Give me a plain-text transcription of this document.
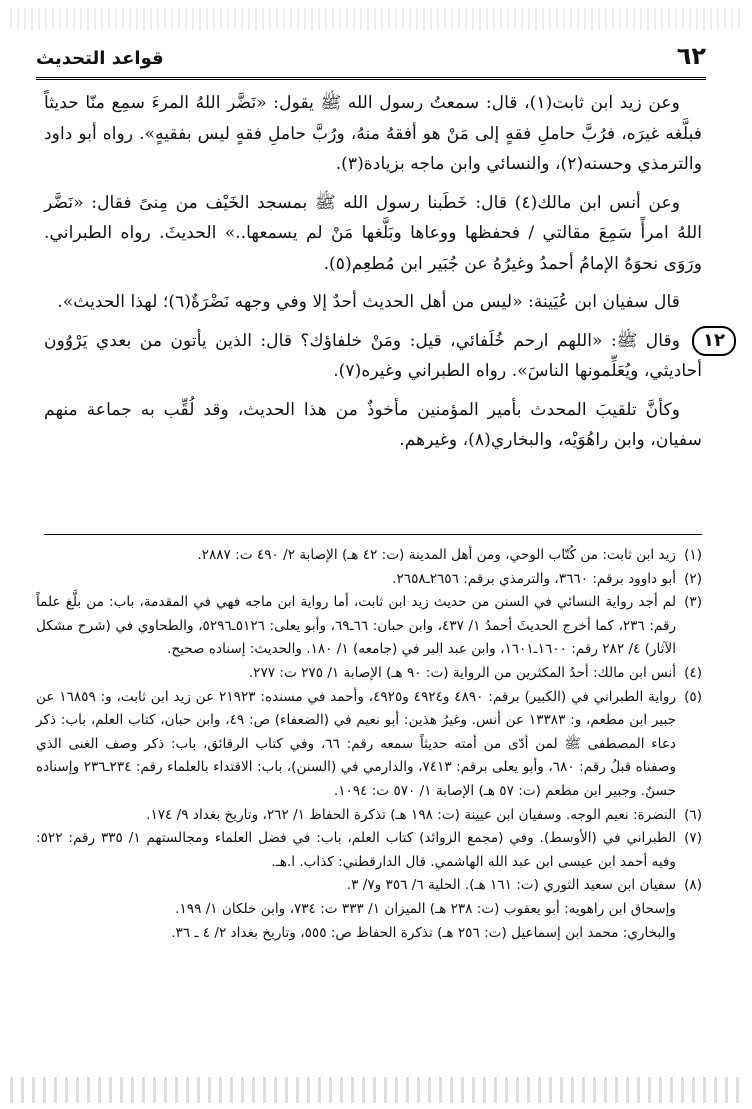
٦٢
قواعد التحديث
١٢

وعن زيد ابن ثابت(١)، قال: سمعتُ رسول الله ﷺ يقول: «نَضَّر اللهُ المرءَ سمِع منّا حديثاً فبلَّغه غيرَه، فرُبَّ حاملِ فقهٍ إلى مَنْ هو أفقهُ منهُ، ورُبَّ حاملِ فقهٍ ليس بفقيهٍ». رواه أبو داود والترمذي وحسنه(٢)، والنسائي وابن ماجه بزيادة(٣).

وعن أنس ابن مالك(٤) قال: خَطَبنا رسول الله ﷺ بمسجد الخَيْف من مِنىً فقال: «نَضَّر اللهُ امرأً سَمِعَ مقالتي / فحفظها ووعاها وبَلَّغها مَنْ لم يسمعها..» الحديثَ. رواه الطبراني. ورَوَى نحوَهُ الإمامُ أحمدُ وغيرُهُ عن جُبَير ابن مُطعِم(٥).

قال سفيان ابن عُيَينة: «ليس من أهل الحديث أحدٌ إلا وفي وجهه نَضْرَةٌ(٦)؛ لهذا الحديث».

وقال ﷺ: «اللهم ارحم خُلَفائي، قيل: ومَنْ خلفاؤك؟ قال: الذين يأتون من بعدي يَرْوُون أحاديثي، ويُعَلِّمونها الناسَ». رواه الطبراني وغيره(٧).

وكأنَّ تلقيبَ المحدث بأمير المؤمنين مأخوذٌ من هذا الحديث، وقد لُقِّب به جماعة منهم سفيان، وابن راهُوَيْه، والبخاري(٨)، وغيرهم.

(١)
زيد ابن ثابت: من كُتّاب الوحي، ومن أهل المدينة (ت: ٤٢ هـ) الإصابة ٢/ ٤٩٠ ت: ٢٨٨٧.
(٢)
أبو داوود برقم: ٣٦٦٠، والترمذي برقم: ٢٦٥٦ـ٢٦٥٨.
(٣)
لم أجد رواية النسائي في السنن من حديث زيد ابن ثابت، أما رواية ابن ماجه فهي في المقدمة، باب: من بلَّغ علماً رقم: ٢٣٦، كما أخرج الحديثَ أحمدُ ١/ ٤٣٧، وابن حبان: ٦٦ـ٦٩، وأبو يعلى: ٥١٢٦ـ٥٢٩٦، والطحاوي في (شرح مشكل الآثار) ٤/ ٢٨٢ رقم: ١٦٠٠ـ١٦٠١، وابن عبد البر في (جامعه) ١/ ١٨٠. والحديث: إسناده صحيح.
(٤)
أنس ابن مالك: أحدُ المكثرين من الرواية (ت: ٩٠ هـ) الإصابة ١/ ٢٧٥ ت: ٢٧٧.
(٥)
رواية الطبراني في (الكبير) برقم: ٤٨٩٠ و٤٩٢٤ و٤٩٢٥، وأحمد في مسنده: ٢١٩٢٣ عن زيد ابن ثابت، و: ١٦٨٥٩ عن جبير ابن مطعم، و: ١٣٣٨٣ عن أنس. وغيرُ هذين: أبو نعيم في (الضعفاء) ص: ٤٩، وابن حبان، كتاب العلم، باب: ذكر دعاء المصطفى ﷺ لمن أدّى من أمته حديثاً سمعه رقم: ٦٦، وفي كتاب الرقائق، باب: ذكر وصف الغنى الذي وصفناه قبلُ رقم: ٦٨٠، وأبو يعلى برقم: ٧٤١٣، والدارمي في (السنن)، باب: الاقتداء بالعلماء رقم: ٢٣٤ـ٢٣٦ وإسناده حسنٌ. وجبير ابن مطعم (ت: ٥٧ هـ) الإصابة ١/ ٥٧٠ ت: ١٠٩٤.
(٦)
النضرة: نعيم الوجه. وسفيان ابن عيينة (ت: ١٩٨ هـ) تذكرة الحفاظ ١/ ٢٦٢، وتاريخ بغداد ٩/ ١٧٤.
(٧)
الطبراني في (الأوسط). وفي (مجمع الزوائد) كتاب العلم، باب: في فضل العلماء ومجالستهم ١/ ٣٣٥ رقم: ٥٢٢: وفيه أحمد ابن عيسى ابن عبد الله الهاشمي. قال الدارقطني: كذاب. ا.هـ.
(٨)
سفيان ابن سعيد الثوري (ت: ١٦١ هـ). الحلية ٦/ ٣٥٦ و٧/ ٣.
وإسحاق ابن راهويه: أبو يعقوب (ت: ٢٣٨ هـ) الميزان ١/ ٣٣٣ ت: ٧٣٤، وابن خلكان ١/ ١٩٩.
والبخاري: محمد ابن إسماعيل (ت: ٢٥٦ هـ) تذكرة الحفاظ ص: ٥٥٥، وتاريخ بغداد ٢/ ٤ ـ ٣٦.
